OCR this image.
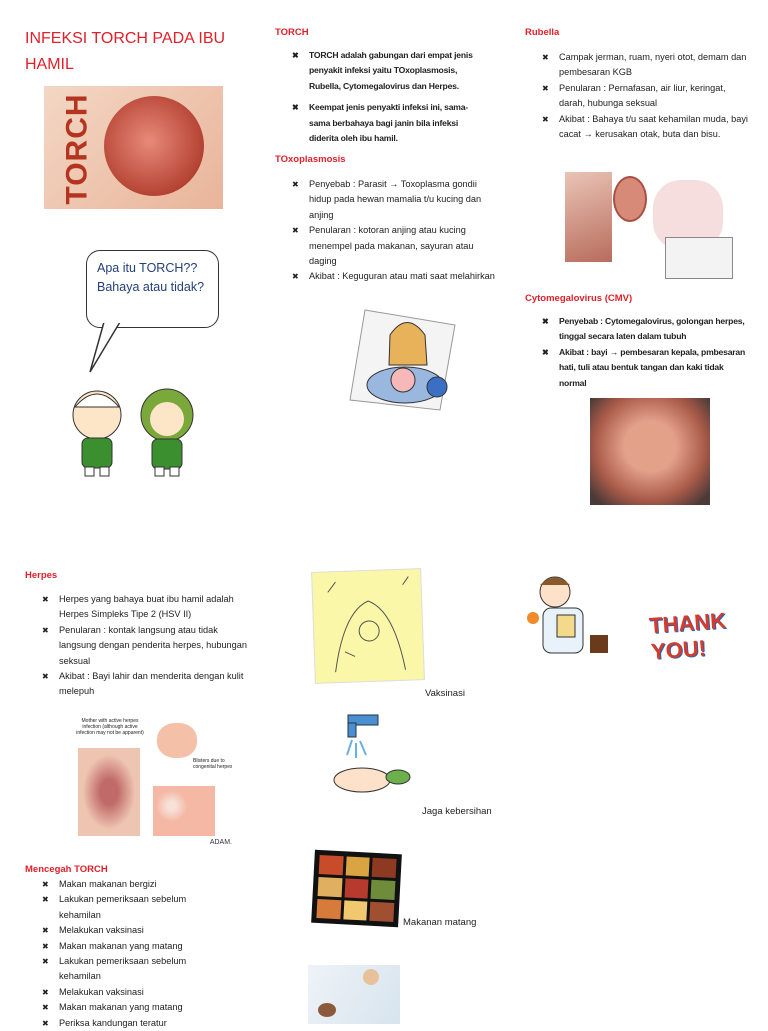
INFEKSI TORCH PADA IBU HAMIL
TORCH
Apa itu TORCH?? Bahaya atau tidak?
TORCH
✖ TORCH adalah gabungan dari empat jenis penyakit infeksi yaitu TOxoplasmosis, Rubella, Cytomegalovirus dan Herpes.
✖ Keempat jenis penyakti infeksi ini, sama-sama berbahaya bagi janin bila infeksi diderita oleh ibu hamil.
TOxoplasmosis
✖ Penyebab : Parasit → Toxoplasma gondii hidup pada hewan mamalia t/u kucing dan anjing
✖ Penularan : kotoran anjing atau kucing menempel pada makanan, sayuran atau daging
✖ Akibat : Keguguran atau mati saat melahirkan
Rubella
✖ Campak jerman, ruam, nyeri otot, demam dan pembesaran KGB
✖ Penularan : Pernafasan, air liur, keringat, darah, hubunga seksual
✖ Akibat : Bahaya t/u saat kehamilan muda, bayi cacat → kerusakan otak, buta dan bisu.
Cytomegalovirus (CMV)
✖ Penyebab : Cytomegalovirus, golongan herpes, tinggal secara laten dalam tubuh
✖ Akibat : bayi → pembesaran kepala, pmbesaran hati, tuli atau bentuk tangan dan kaki tidak normal
Herpes
✖ Herpes yang bahaya buat ibu hamil adalah Herpes Simpleks Tipe 2 (HSV II)
✖ Penularan : kontak langsung atau tidak langsung dengan penderita herpes, hubungan seksual
✖ Akibat : Bayi lahir dan menderita dengan kulit melepuh
Mother with active herpes infection (although active infection may not be apparent)
Blisters due to congenital herpes
ADAM.
Mencegah TORCH
✖ Makan makanan bergizi
✖ Lakukan pemeriksaan sebelum kehamilan
✖ Melakukan vaksinasi
✖ Makan makanan yang matang
✖ Lakukan pemeriksaan sebelum kehamilan
✖ Melakukan vaksinasi
✖ Makan makanan yang matang
✖ Periksa kandungan teratur
Vaksinasi
Jaga kebersihan
Makanan matang
THANK YOU!
